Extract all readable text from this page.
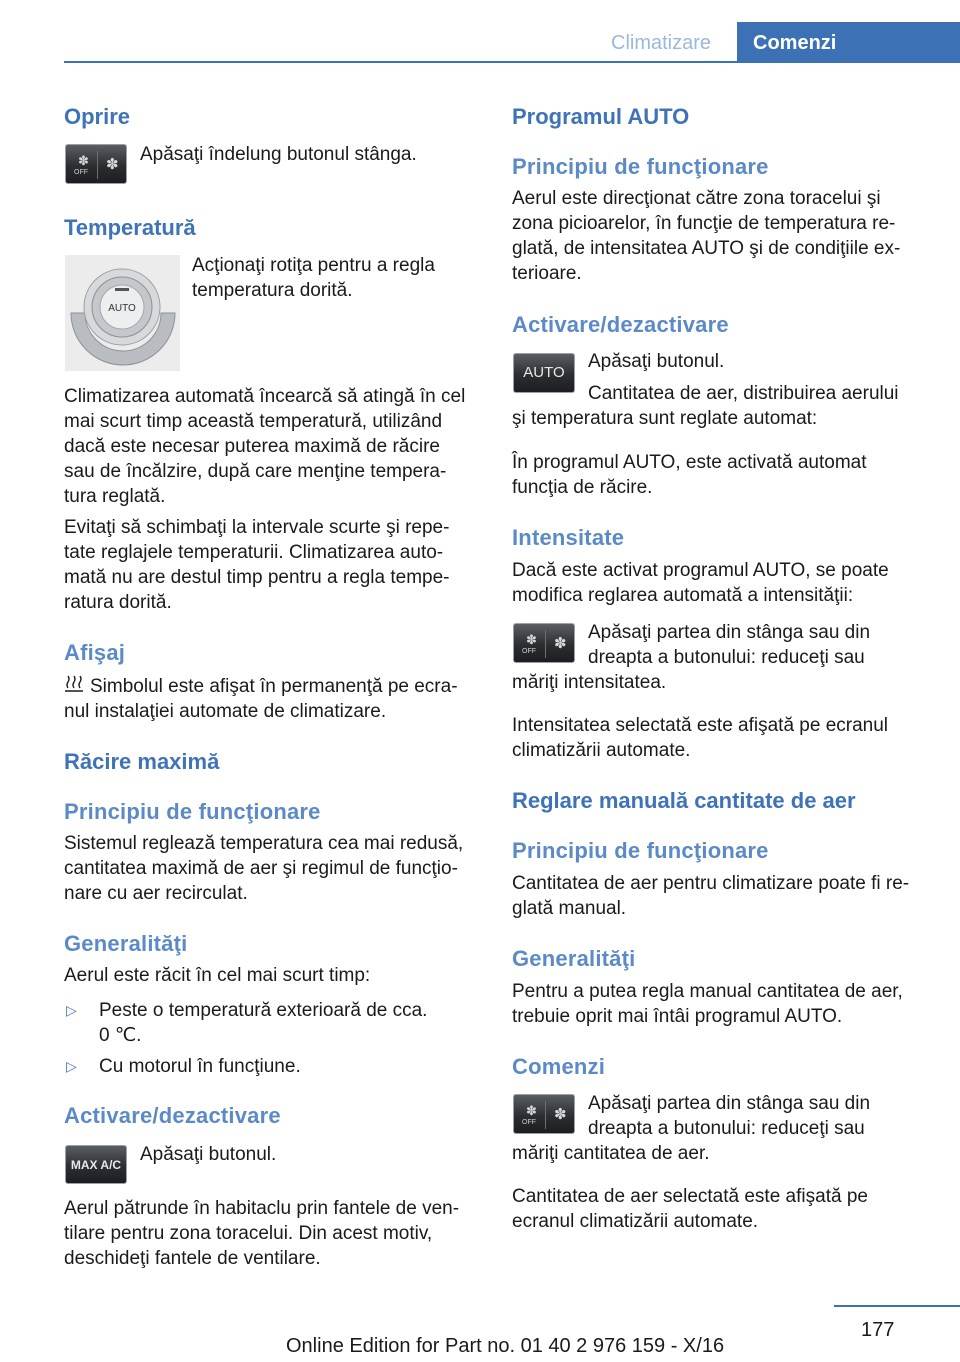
Climatizare	Comenzi
Oprire
✽
OFF ✽ Apăsaţi îndelung butonul stânga.
Temperatură
AUTO
Acţionaţi rotiţa pentru a regla
temperatura dorită.
Climatizarea automată încearcă să atingă în cel
mai scurt timp această temperatură, utilizând
dacă este necesar puterea maximă de răcire
sau de încălzire, după care menţine tempera-
tura reglată.
Evitaţi să schimbaţi la intervale scurte şi repe-
tate reglajele temperaturii. Climatizarea auto-
mată nu are destul timp pentru a regla tempe-
ratura dorită.
Afişaj
Simbolul este afişat în permanenţă pe ecra-
nul instalaţiei automate de climatizare.
Răcire maximă
Principiu de funcţionare
Sistemul reglează temperatura cea mai redusă,
cantitatea maximă de aer şi regimul de funcţio-
nare cu aer recirculat.
Generalităţi
Aerul este răcit în cel mai scurt timp:
▷ Peste o temperatură exterioară de cca.
0 ℃.
▷ Cu motorul în funcţiune.
Activare/dezactivare
MAX A/C Apăsaţi butonul.
Aerul pătrunde în habitaclu prin fantele de ven-
tilare pentru zona toracelui. Din acest motiv,
deschideţi fantele de ventilare.
Programul AUTO
Principiu de funcţionare
Aerul este direcţionat către zona toracelui şi
zona picioarelor, în funcţie de temperatura re-
glată, de intensitatea AUTO şi de condiţiile ex-
terioare.
Activare/dezactivare
AUTO
Apăsaţi butonul.
Cantitatea de aer, distribuirea aerului
şi temperatura sunt reglate automat:
În programul AUTO, este activată automat
funcţia de răcire.
Intensitate
Dacă este activat programul AUTO, se poate
modifica reglarea automată a intensităţii:
✽
OFF ✽
Apăsaţi partea din stânga sau din
dreapta a butonului: reduceţi sau
măriţi intensitatea.
Intensitatea selectată este afişată pe ecranul
climatizării automate.
Reglare manuală cantitate de aer
Principiu de funcţionare
Cantitatea de aer pentru climatizare poate fi re-
glată manual.
Generalităţi
Pentru a putea regla manual cantitatea de aer,
trebuie oprit mai întâi programul AUTO.
Comenzi
✽
OFF ✽
Apăsaţi partea din stânga sau din
dreapta a butonului: reduceţi sau
măriţi cantitatea de aer.
Cantitatea de aer selectată este afişată pe
ecranul climatizării automate.
177
Online Edition for Part no. 01 40 2 976 159 - X/16
